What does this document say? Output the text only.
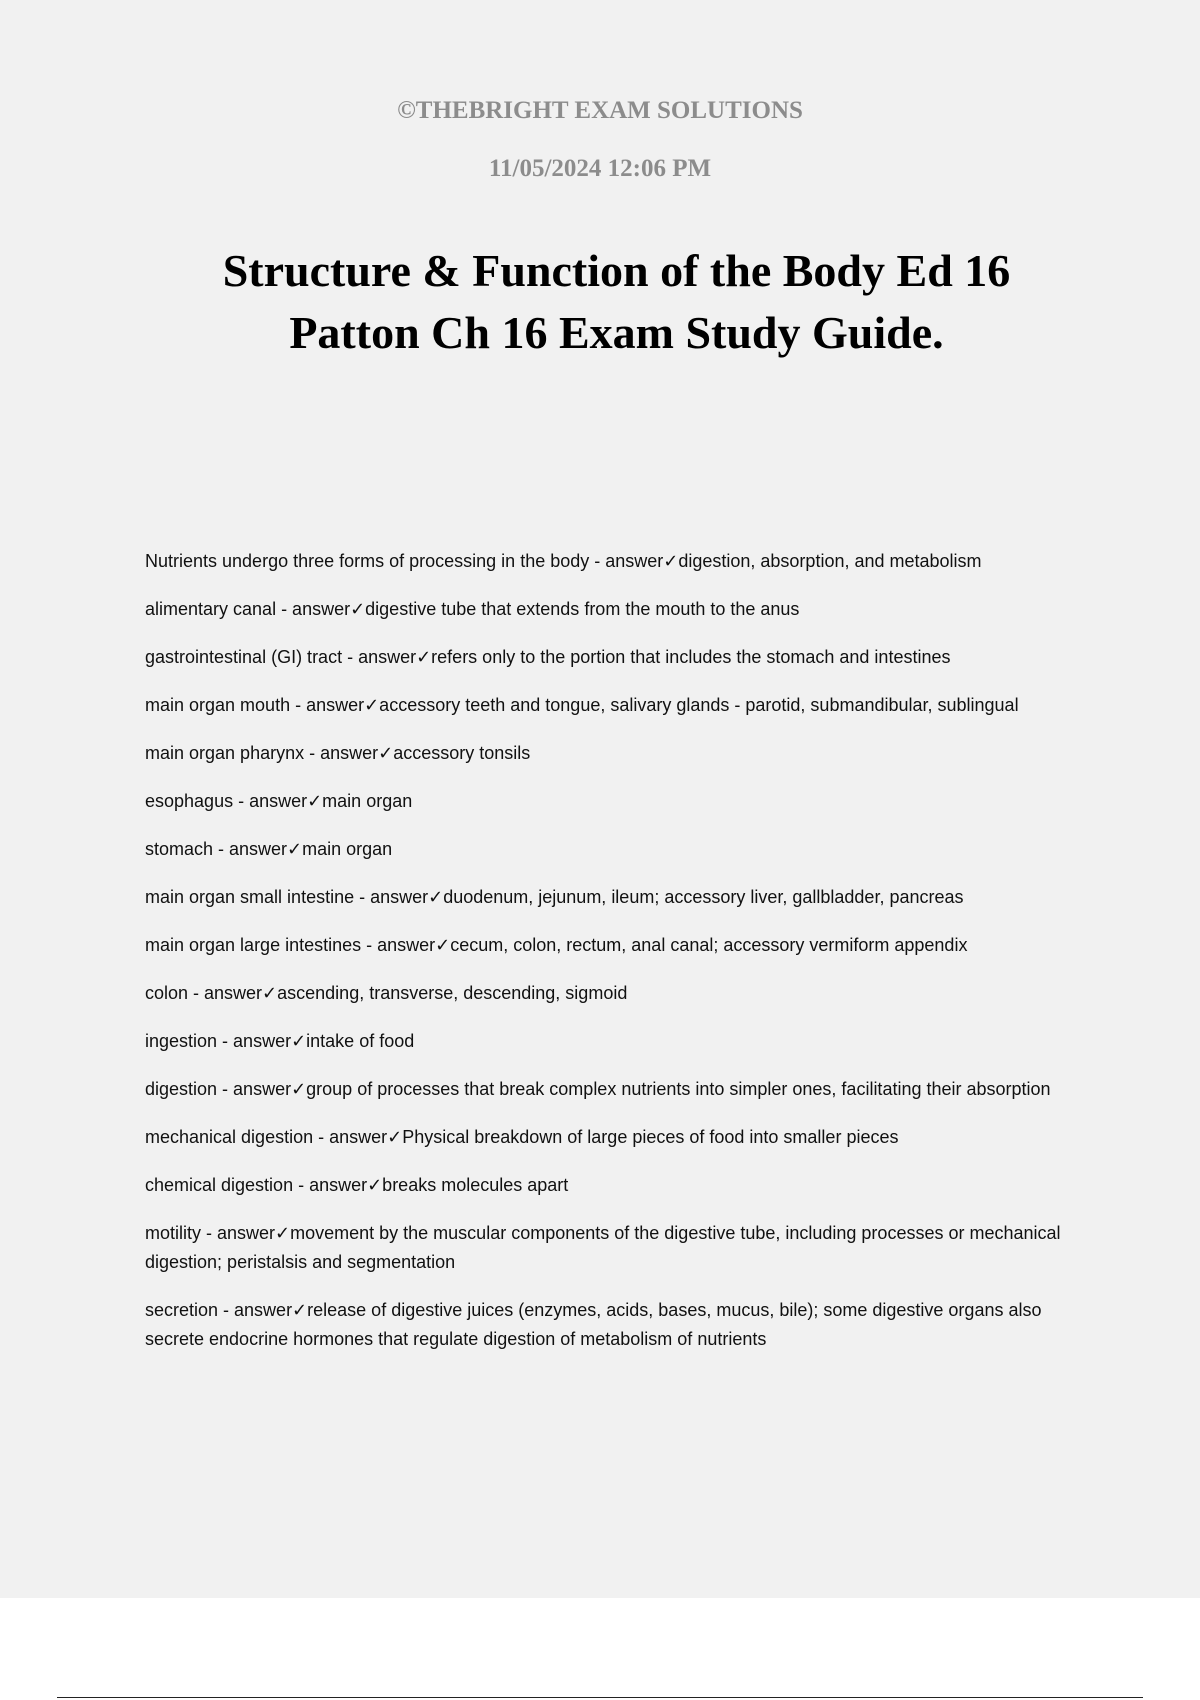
©THEBRIGHT EXAM SOLUTIONS

11/05/2024 12:06 PM

Structure & Function of the Body Ed 16
Patton Ch 16 Exam Study Guide.
Nutrients undergo three forms of processing in the body - answer✓digestion, absorption, and metabolism
alimentary canal - answer✓digestive tube that extends from the mouth to the anus
gastrointestinal (GI) tract - answer✓refers only to the portion that includes the stomach and intestines
main organ mouth - answer✓accessory teeth and tongue, salivary glands - parotid, submandibular, sublingual
main organ pharynx - answer✓accessory tonsils
esophagus - answer✓main organ
stomach - answer✓main organ
main organ small intestine - answer✓duodenum, jejunum, ileum; accessory liver, gallbladder, pancreas
main organ large intestines - answer✓cecum, colon, rectum, anal canal; accessory vermiform appendix
colon - answer✓ascending, transverse, descending, sigmoid
ingestion - answer✓intake of food
digestion - answer✓group of processes that break complex nutrients into simpler ones, facilitating their absorption
mechanical digestion - answer✓Physical breakdown of large pieces of food into smaller pieces
chemical digestion - answer✓breaks molecules apart
motility - answer✓movement by the muscular components of the digestive tube, including processes or mechanical digestion; peristalsis and segmentation
secretion - answer✓release of digestive juices (enzymes, acids, bases, mucus, bile); some digestive organs also secrete endocrine hormones that regulate digestion of metabolism of nutrients
